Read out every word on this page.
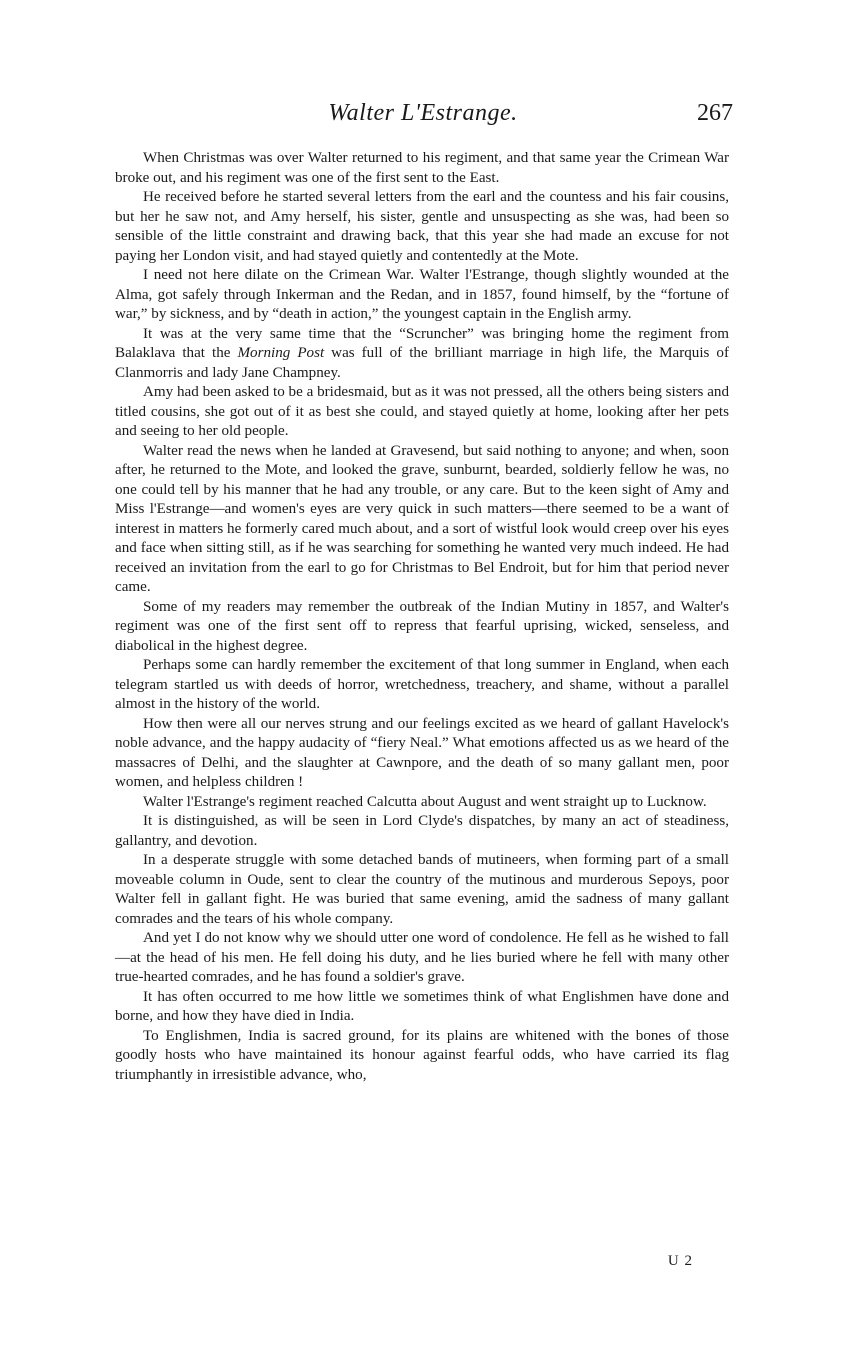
Walter L'Estrange.	267

When Christmas was over Walter returned to his regiment, and that same year the Crimean War broke out, and his regiment was one of the first sent to the East.

He received before he started several letters from the earl and the countess and his fair cousins, but her he saw not, and Amy herself, his sister, gentle and unsuspecting as she was, had been so sensible of the little constraint and drawing back, that this year she had made an excuse for not paying her London visit, and had stayed quietly and contentedly at the Mote.

I need not here dilate on the Crimean War. Walter l'Estrange, though slightly wounded at the Alma, got safely through Inkerman and the Redan, and in 1857, found himself, by the “fortune of war,” by sickness, and by “death in action,” the youngest captain in the English army.

It was at the very same time that the “Scruncher” was bringing home the regiment from Balaklava that the Morning Post was full of the brilliant marriage in high life, the Marquis of Clanmorris and lady Jane Champney.

Amy had been asked to be a bridesmaid, but as it was not pressed, all the others being sisters and titled cousins, she got out of it as best she could, and stayed quietly at home, looking after her pets and seeing to her old people.

Walter read the news when he landed at Gravesend, but said nothing to anyone; and when, soon after, he returned to the Mote, and looked the grave, sunburnt, bearded, soldierly fellow he was, no one could tell by his manner that he had any trouble, or any care. But to the keen sight of Amy and Miss l'Estrange—and women's eyes are very quick in such matters—there seemed to be a want of interest in matters he formerly cared much about, and a sort of wistful look would creep over his eyes and face when sitting still, as if he was searching for something he wanted very much indeed. He had received an invitation from the earl to go for Christmas to Bel Endroit, but for him that period never came.

Some of my readers may remember the outbreak of the Indian Mutiny in 1857, and Walter's regiment was one of the first sent off to repress that fearful uprising, wicked, senseless, and diabolical in the highest degree.

Perhaps some can hardly remember the excitement of that long summer in England, when each telegram startled us with deeds of horror, wretchedness, treachery, and shame, without a parallel almost in the history of the world.

How then were all our nerves strung and our feelings excited as we heard of gallant Havelock's noble advance, and the happy audacity of “fiery Neal.” What emotions affected us as we heard of the massacres of Delhi, and the slaughter at Cawnpore, and the death of so many gallant men, poor women, and helpless children !

Walter l'Estrange's regiment reached Calcutta about August and went straight up to Lucknow.

It is distinguished, as will be seen in Lord Clyde's dispatches, by many an act of steadiness, gallantry, and devotion.

In a desperate struggle with some detached bands of mutineers, when forming part of a small moveable column in Oude, sent to clear the country of the mutinous and murderous Sepoys, poor Walter fell in gallant fight. He was buried that same evening, amid the sadness of many gallant comrades and the tears of his whole company.

And yet I do not know why we should utter one word of condolence. He fell as he wished to fall—at the head of his men. He fell doing his duty, and he lies buried where he fell with many other true-hearted comrades, and he has found a soldier's grave.

It has often occurred to me how little we sometimes think of what Englishmen have done and borne, and how they have died in India.

To Englishmen, India is sacred ground, for its plains are whitened with the bones of those goodly hosts who have maintained its honour against fearful odds, who have carried its flag triumphantly in irresistible advance, who,

U 2
